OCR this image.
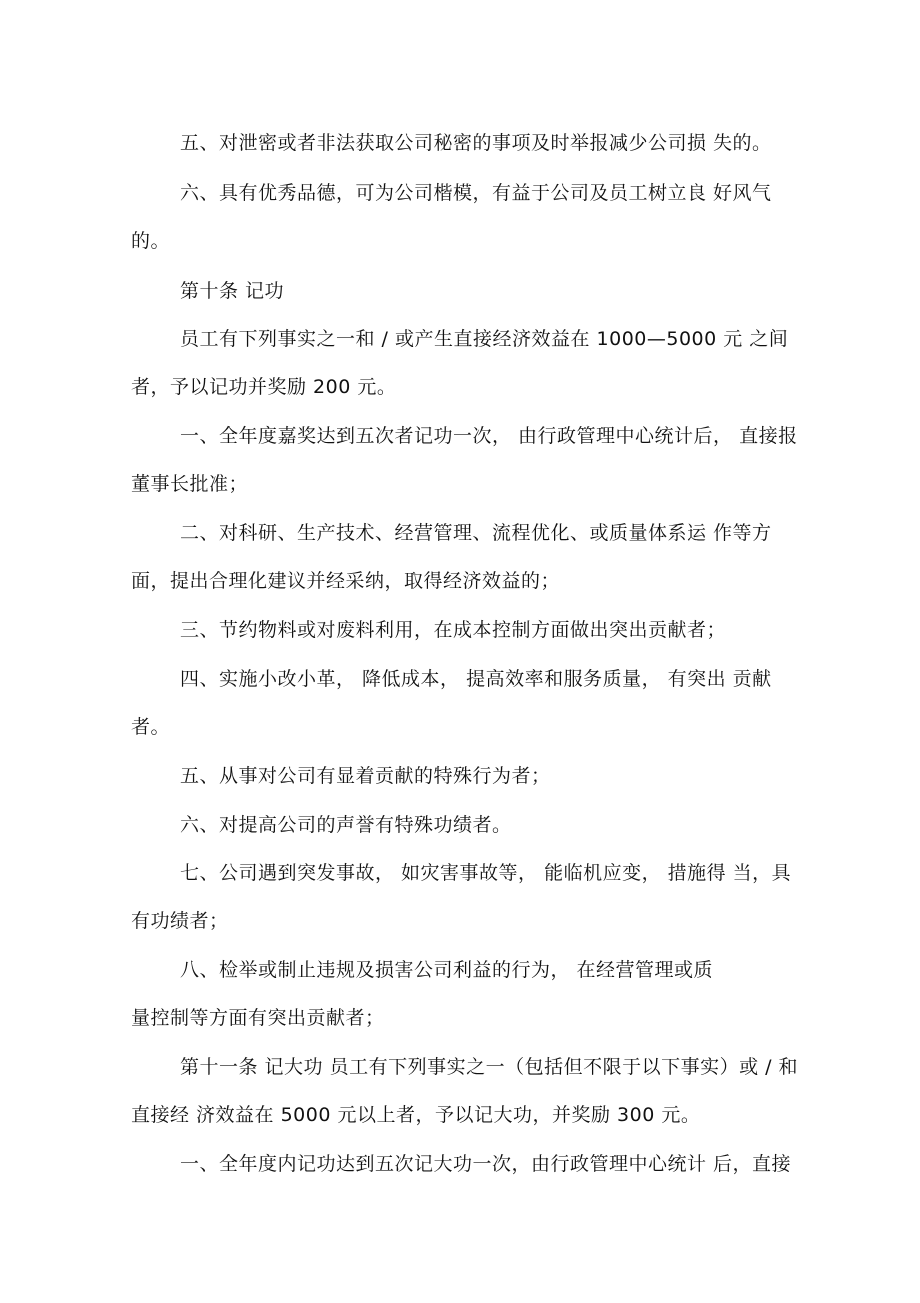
五、对泄密或者非法获取公司秘密的事项及时举报减少公司损 失的。
六、具有优秀品德，可为公司楷模，有益于公司及员工树立良 好风气
的。
第十条 记功
员工有下列事实之一和 / 或产生直接经济效益在 1000—5000 元 之间
者，予以记功并奖励 200 元。
一、全年度嘉奖达到五次者记功一次， 由行政管理中心统计后， 直接报
董事长批准；
二、对科研、生产技术、经营管理、流程优化、或质量体系运 作等方
面，提出合理化建议并经采纳，取得经济效益的；
三、节约物料或对废料利用，在成本控制方面做出突出贡献者；
四、实施小改小革， 降低成本， 提高效率和服务质量， 有突出 贡献
者。
五、从事对公司有显着贡献的特殊行为者；
六、对提高公司的声誉有特殊功绩者。
七、公司遇到突发事故， 如灾害事故等， 能临机应变， 措施得 当，具
有功绩者；
八、检举或制止违规及损害公司利益的行为， 在经营管理或质
量控制等方面有突出贡献者；
第十一条 记大功 员工有下列事实之一（包括但不限于以下事实）或 / 和
直接经 济效益在 5000 元以上者，予以记大功，并奖励 300 元。
一、全年度内记功达到五次记大功一次，由行政管理中心统计 后，直接
